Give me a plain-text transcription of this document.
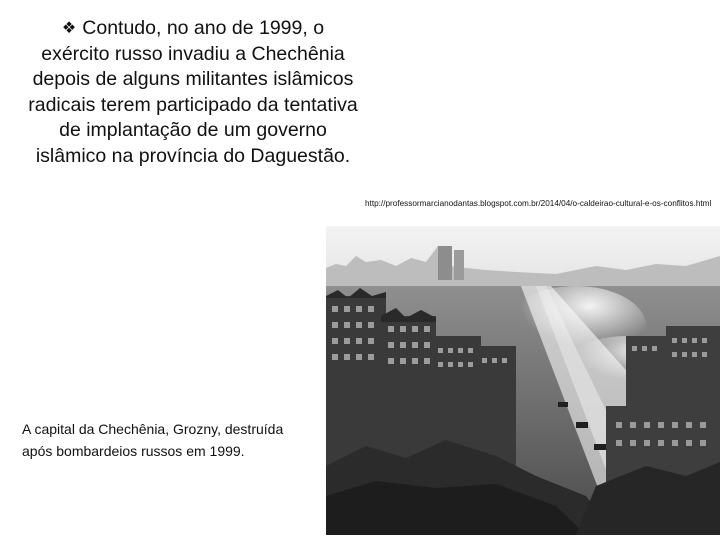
❖ Contudo, no ano de 1999, o exército russo invadiu a Chechênia depois de alguns militantes islâmicos radicais terem participado da tentativa de implantação de um governo islâmico na província do Daguestão.
A capital da Chechênia, Grozny, destruída após bombardeios russos em 1999.
http://professormarcianodantas.blogspot.com.br/2014/04/o-caldeirao-cultural-e-os-conflitos.html
